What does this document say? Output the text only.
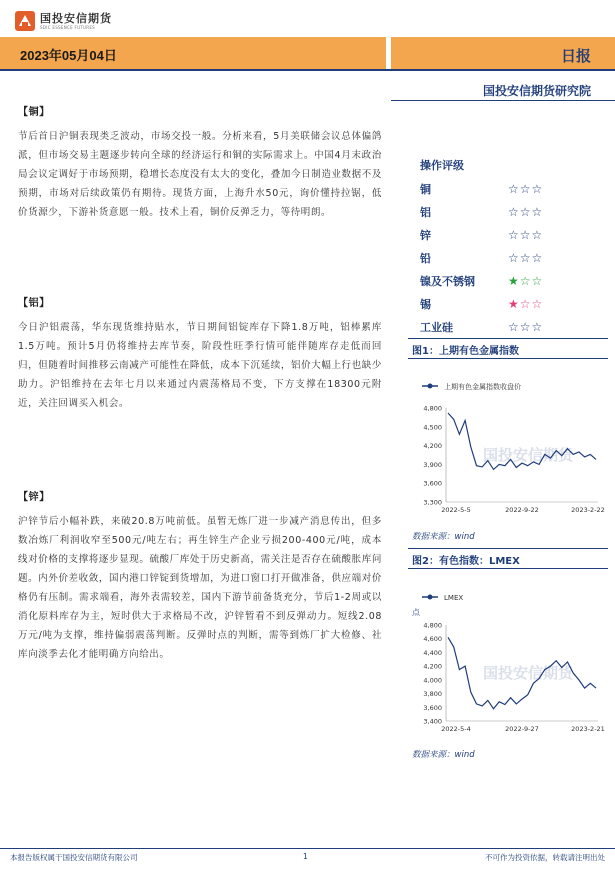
国投安信期货
SDIC ESSENCE FUTURES
2023年05月04日	日报
国投安信期货研究院
【铜】

节后首日沪铜表现类乏波动，市场交投一般。分析来看，5月美联储会议总体偏鸽派，但市场交易主题逐步转向全球的经济运行和铜的实际需求上。中国4月末政治局会议定调好于市场预期，稳增长态度没有太大的变化，叠加今日制造业数据不及预期，市场对后续政策仍有期待。现货方面，上海升水50元，询价懂持拉锯，低价货源少，下游补货意愿一般。技术上看，铜价反弹乏力，等待明朗。

【铝】

今日沪铝震荡，华东现货维持贴水，节日期间铝锭库存下降1.8万吨，铝棒累库1.5万吨。预计5月仍将维持去库节奏，阶段性旺季行情可能伴随库存走低而回归，但随着时间推移云南减产可能性在降低，成本下沉延续，铝价大幅上行也缺少助力。沪铝维持在去年七月以来通过内震荡格局不变，下方支撑在18300元附近，关注回调买入机会。

【锌】

沪锌节后小幅补跌，来破20.8万吨前低。虽暂无炼厂进一步减产消息传出，但多数冶炼厂利润收窄至500元/吨左右；再生锌生产企业亏损200-400元/吨，成本线对价格的支撑将逐步显现。硫酸厂库处于历史新高，需关注是否存在硫酸胀库问题。内外价差收敛，国内港口锌锭到货增加，为进口窗口打开做准备，供应端对价格仍有压制。需求端看，海外表需较差，国内下游节前备货充分，节后1-2周或以消化原料库存为主，短时供大于求格局不改，沪锌暂看不到反弹动力。短线2.08万元/吨为支撑，维持偏弱震荡判断。反弹时点的判断，需等到炼厂扩大检修、社库向淡季去化才能明确方向给出。

操作评级
铜	☆☆☆
铝	☆☆☆
锌	☆☆☆
铅	☆☆☆
镍及不锈钢	★☆☆
锡	★☆☆
工业硅	☆☆☆
图1：上期有色金属指数
上期有色金属指数收盘价
国投安信期货
3,300
3,600
3,900
4,200
4,500
4,800
2022-5-5	2022-9-22	2023-2-22
数据来源：wind
图2：有色指数：LMEX
LMEX
点
国投安信期货
3,400
3,600
3,800
4,000
4,200
4,400
4,600
4,800
2022-5-4	2022-9-27	2023-2-21
数据来源：wind
本报告版权属于国投安信期货有限公司	1	不可作为投资依据，转载请注明出处
